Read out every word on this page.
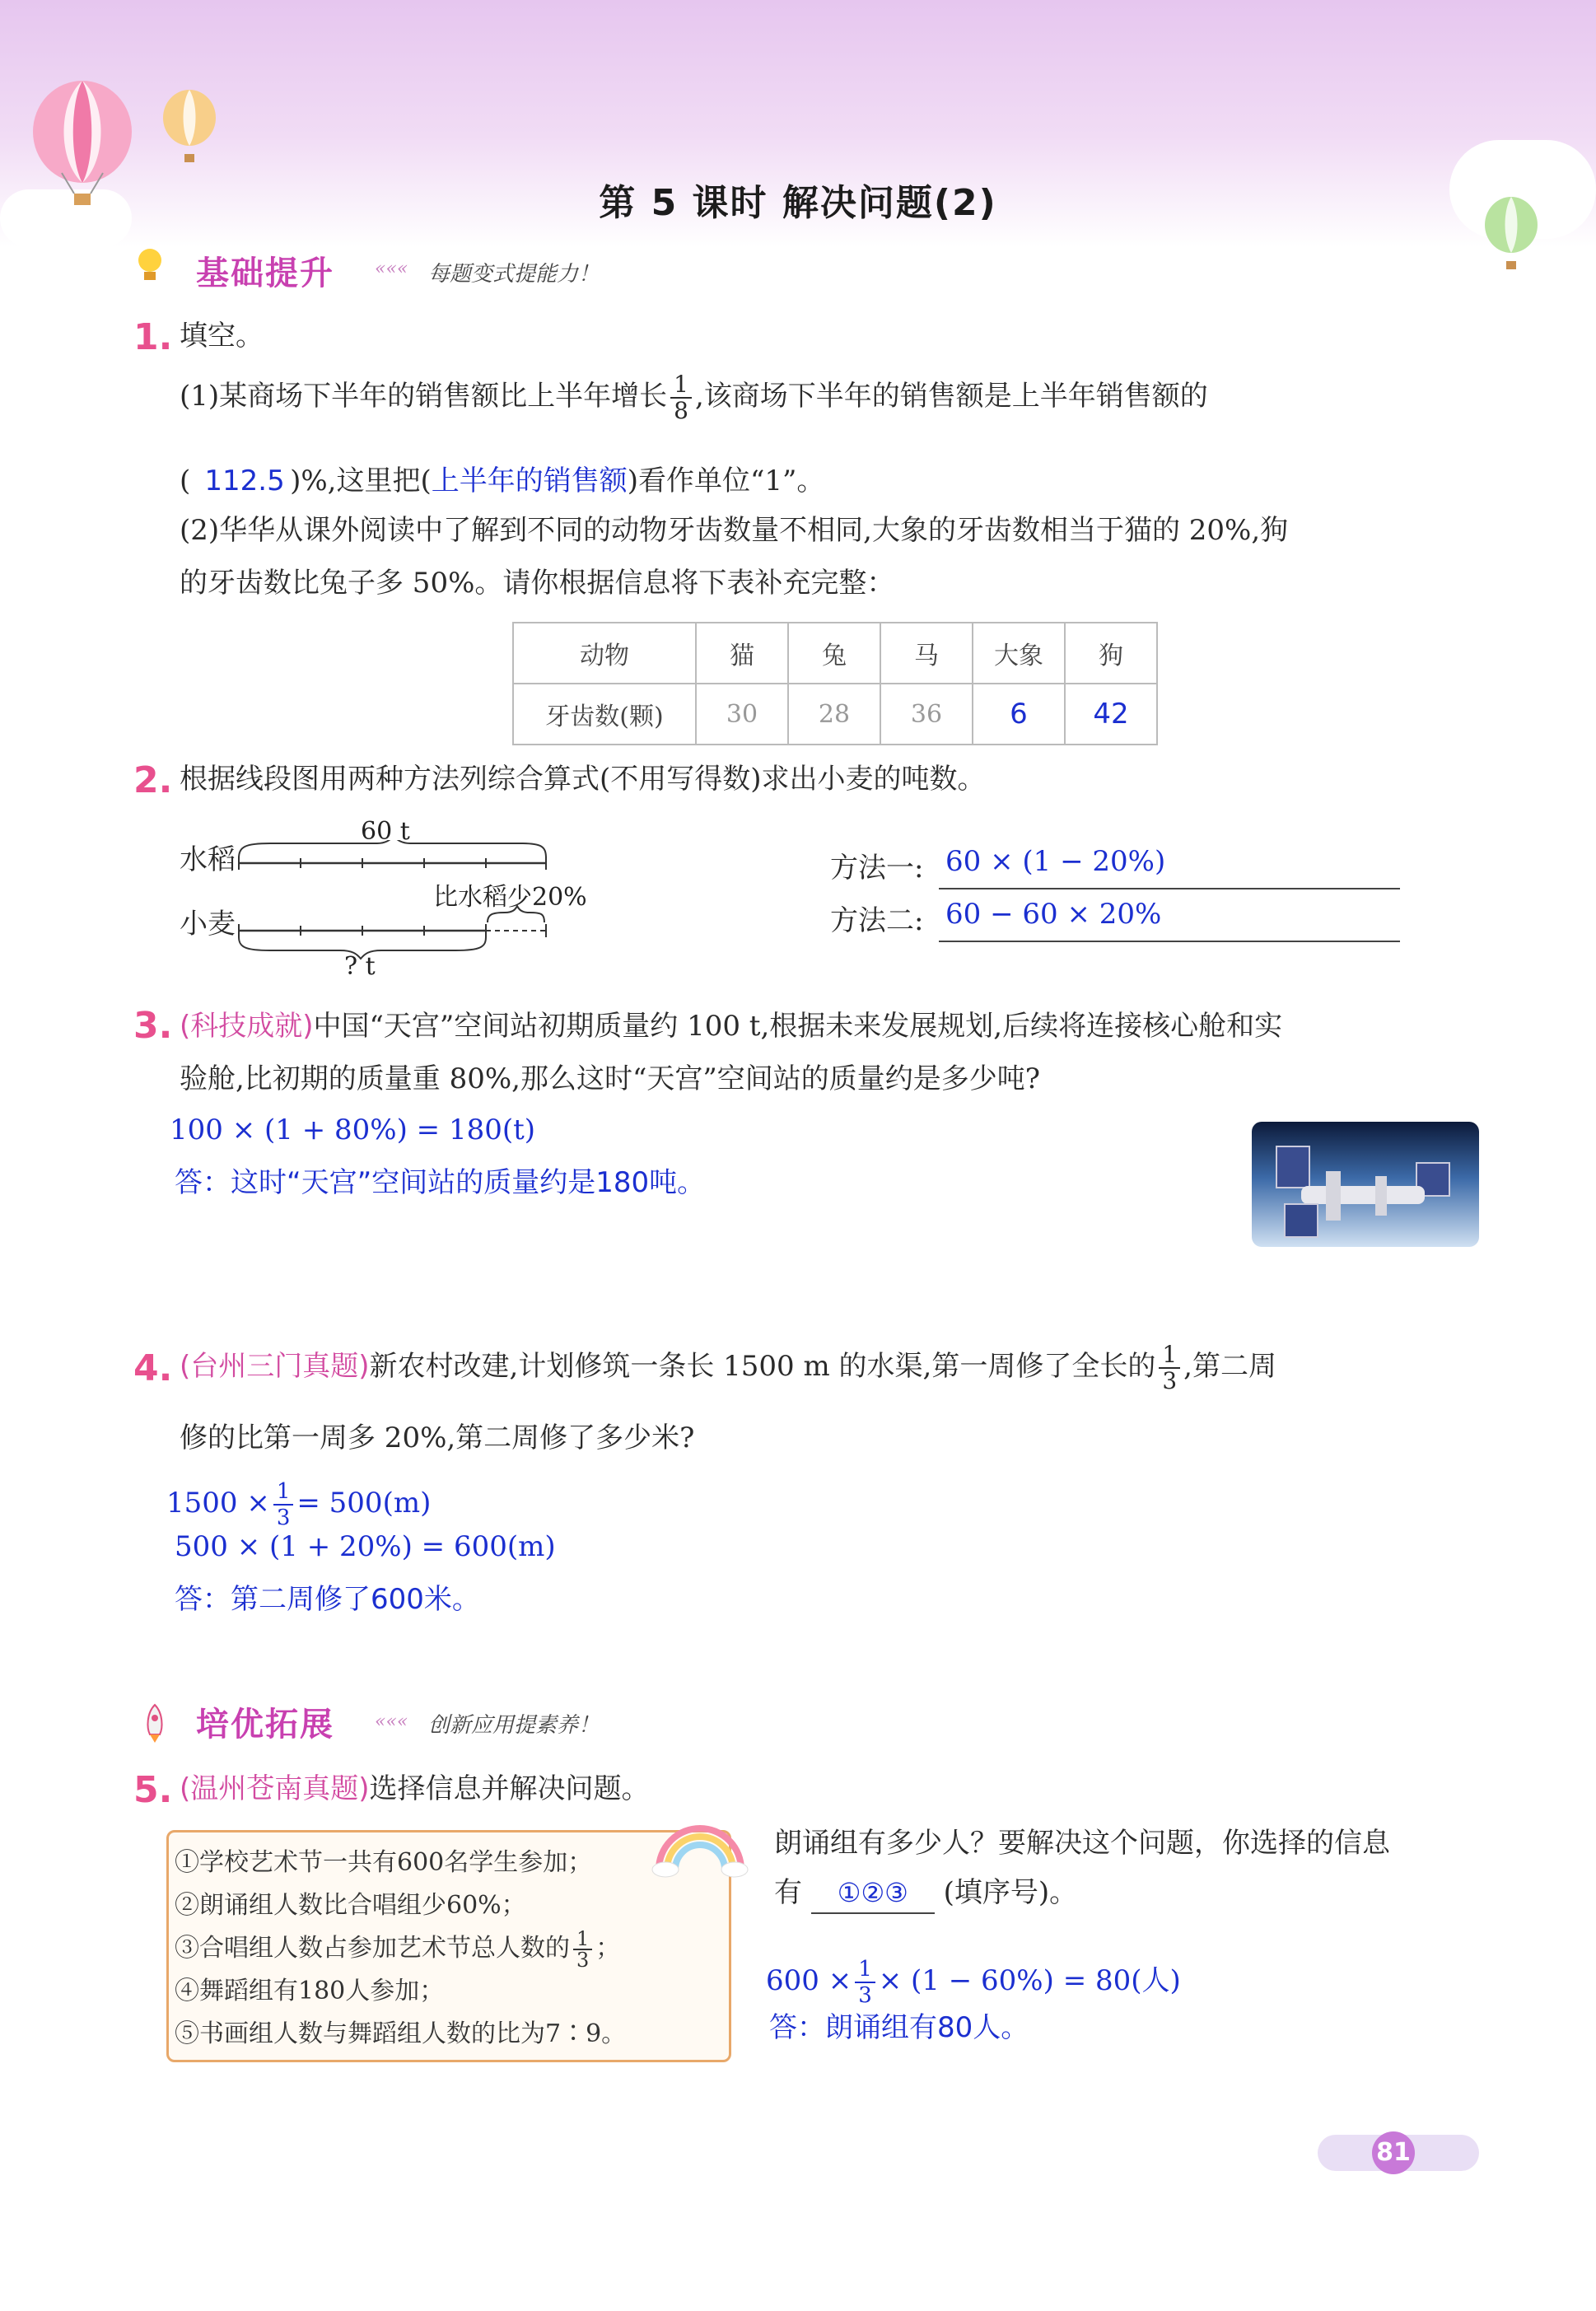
第 5 课时 解决问题(2)
基础提升 ««« 每题变式提能力！
1. 填空。
(1)某商场下半年的销售额比上半年增长 $\frac{1}{8}$ ,该商场下半年的销售额是上半年销售额的
( 112.5 )%,这里把(上半年的销售额)看作单位“1”。
(2)华华从课外阅读中了解到不同的动物牙齿数量不相同,大象的牙齿数相当于猫的 20%,狗
的牙齿数比兔子多 50%。请你根据信息将下表补充完整：
动物	猫	兔	马	大象	狗
牙齿数(颗)	30	28	36	6	42
2. 根据线段图用两种方法列综合算式(不用写得数)求出小麦的吨数。
水稻
小麦
60 t
比水稻少20%
? t
方法一: 60 × (1 − 20%)
方法二: 60 − 60 × 20%
3. (科技成就)中国“天宫”空间站初期质量约 100 t,根据未来发展规划,后续将连接核心舱和实
验舱,比初期的质量重 80%,那么这时“天宫”空间站的质量约是多少吨?
100 × (1 + 80%) = 180(t)
答：这时“天宫”空间站的质量约是180吨。
4. (台州三门真题)新农村改建,计划修筑一条长 1500 m 的水渠,第一周修了全长的 $\frac{1}{3}$ ,第二周
修的比第一周多 20%,第二周修了多少米?
$1500 \times \frac{1}{3} = 500(m)$
500 × (1 + 20%) = 600(m)
答：第二周修了600米。
培优拓展 ««« 创新应用提素养！
5. (温州苍南真题)选择信息并解决问题。
①学校艺术节一共有600名学生参加；
②朗诵组人数比合唱组少60%；
③合唱组人数占参加艺术节总人数的 $\frac{1}{3}$ ；
④舞蹈组有180人参加；
⑤书画组人数与舞蹈组人数的比为7∶9。
朗诵组有多少人？要解决这个问题，你选择的信息
有 ①②③ (填序号)。
$600 \times \frac{1}{3} \times (1 - 60\%) = 80$(人)
答：朗诵组有80人。
81
